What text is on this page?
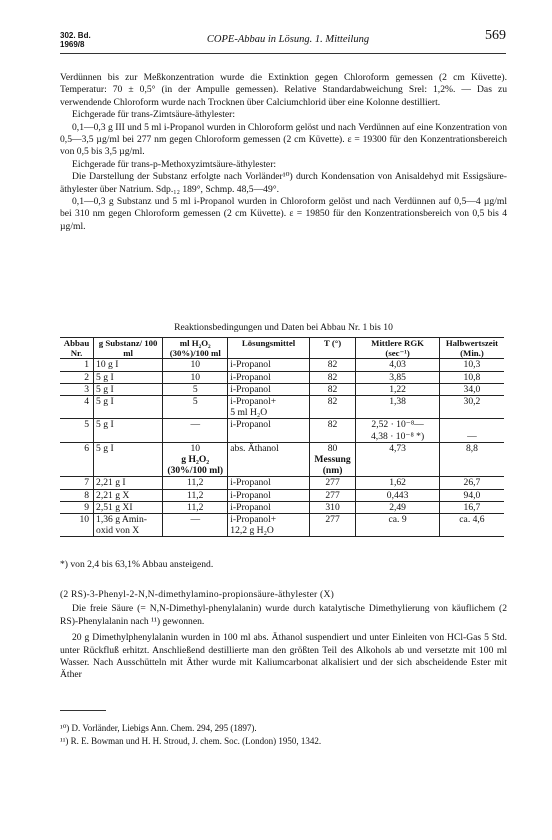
302. Bd.
1969/8	COPE-Abbau in Lösung. 1. Mitteilung	569

Verdünnen bis zur Meßkonzentration wurde die Extinktion gegen Chloroform gemessen (2 cm Küvette). Temperatur: 70 ± 0,5° (in der Ampulle gemessen). Relative Standardabweichung Srel: 1,2%. — Das zu verwendende Chloroform wurde nach Trocknen über Calciumchlorid über eine Kolonne destilliert.

Eichgerade für trans-Zimtsäure-äthylester:

0,1—0,3 g III und 5 ml i-Propanol wurden in Chloroform gelöst und nach Verdünnen auf eine Konzentration von 0,5—3,5 µg/ml bei 277 nm gegen Chloroform gemessen (2 cm Küvette). ε = 19300 für den Konzentrationsbereich von 0,5 bis 3,5 µg/ml.

Eichgerade für trans-p-Methoxyzimtsäure-äthylester:

Die Darstellung der Substanz erfolgte nach Vorländer¹⁰) durch Kondensation von Anisaldehyd mit Essigsäure-äthylester über Natrium. Sdp.₁₂ 189°, Schmp. 48,5—49°.

0,1—0,3 g Substanz und 5 ml i-Propanol wurden in Chloroform gelöst und nach Verdünnen auf 0,5—4 µg/ml bei 310 nm gegen Chloroform gemessen (2 cm Küvette). ε = 19850 für den Konzentrationsbereich von 0,5 bis 4 µg/ml.

Reaktionsbedingungen und Daten bei Abbau Nr. 1 bis 10
Abbau Nr.	g Substanz/ 100 ml	ml H₂O₂ (30%)/100 ml	Lösungsmittel	T (°)	Mittlere RGK (sec⁻¹)	Halbwertszeit (Min.)
1	10 g I	10	i-Propanol	82	4,03	10,3
2	5 g I	10	i-Propanol	82	3,85	10,8
3	5 g I	5	i-Propanol	82	1,22	34,0
4	5 g I	5	i-Propanol+	82	1,38	30,2
			5 ml H₂O			
5	5 g I	—	i-Propanol	82	2,52 · 10⁻⁸—	
					4,38 · 10⁻⁸ *)	—
6	5 g I	10	abs. Äthanol	80	4,73	8,8
		g H₂O₂		Messung		
		(30%/100 ml)		(nm)		
7	2,21 g I	11,2	i-Propanol	277	1,62	26,7
8	2,21 g X	11,2	i-Propanol	277	0,443	94,0
9	2,51 g XI	11,2	i-Propanol	310	2,49	16,7
10	1,36 g Amin-	—	i-Propanol+	277	ca. 9	ca. 4,6
	oxid von X		12,2 g H₂O			
*) von 2,4 bis 63,1% Abbau ansteigend.

(2 RS)-3-Phenyl-2-N,N-dimethylamino-propionsäure-äthylester (X)

Die freie Säure (= N,N-Dimethyl-phenylalanin) wurde durch katalytische Dimethylierung von käuflichem (2 RS)-Phenylalanin nach ¹¹) gewonnen.

20 g Dimethylphenylalanin wurden in 100 ml abs. Äthanol suspendiert und unter Einleiten von HCl-Gas 5 Std. unter Rückfluß erhitzt. Anschließend destillierte man den größten Teil des Alkohols ab und versetzte mit 100 ml Wasser. Nach Ausschütteln mit Äther wurde mit Kaliumcarbonat alkalisiert und der sich abscheidende Ester mit Äther

¹⁰) D. Vorländer, Liebigs Ann. Chem. 294, 295 (1897).
¹¹) R. E. Bowman und H. H. Stroud, J. chem. Soc. (London) 1950, 1342.
